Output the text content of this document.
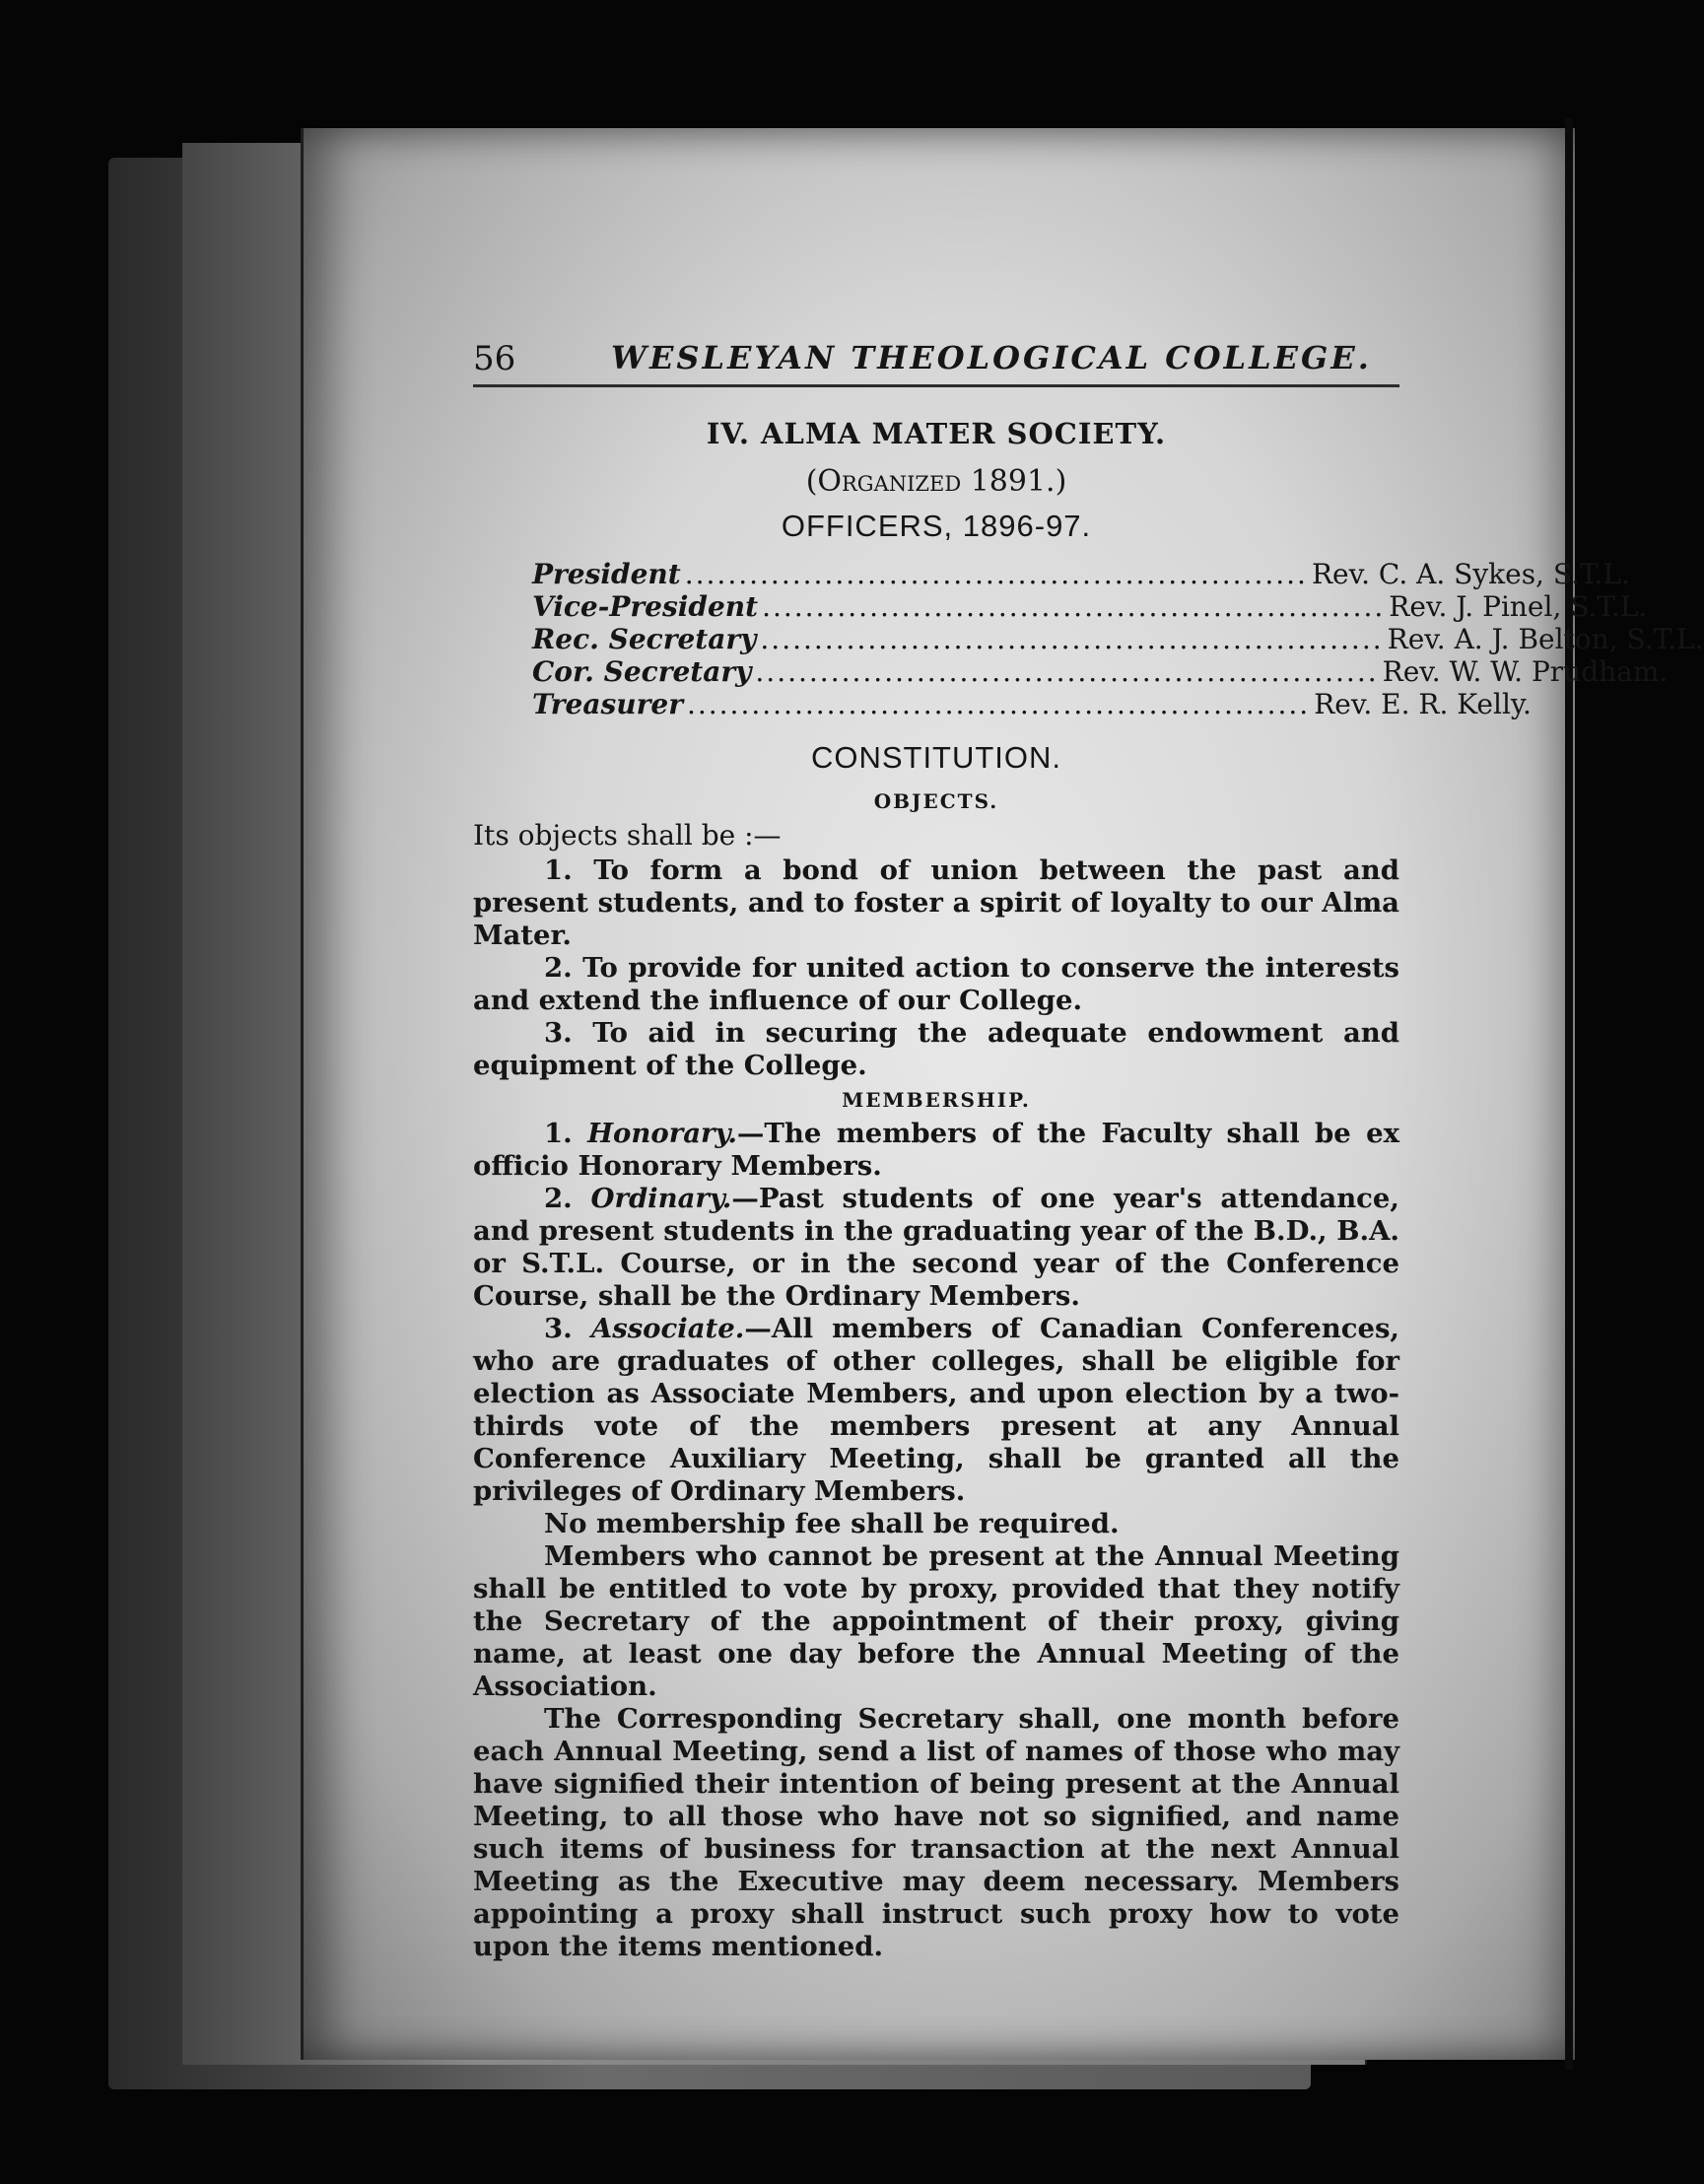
56	WESLEYAN THEOLOGICAL COLLEGE.
IV. ALMA MATER SOCIETY.
(Organized 1891.)
OFFICERS, 1896-97.
President .......................................................... Rev. C. A. Sykes, S.T.L.
Vice-President .......................................................... Rev. J. Pinel, S.T.L.
Rec. Secretary .......................................................... Rev. A. J. Belton, S.T.L.
Cor. Secretary .......................................................... Rev. W. W. Prudham.
Treasurer .......................................................... Rev. E. R. Kelly.
CONSTITUTION.
OBJECTS.
Its objects shall be :—

1. To form a bond of union between the past and present students, and to foster a spirit of loyalty to our Alma Mater.

2. To provide for united action to conserve the interests and extend the influence of our College.

3. To aid in securing the adequate endowment and equipment of the College.

MEMBERSHIP.

1. Honorary.—The members of the Faculty shall be ex officio Honorary Members.

2. Ordinary.—Past students of one year's attendance, and present students in the graduating year of the B.D., B.A. or S.T.L. Course, or in the second year of the Conference Course, shall be the Ordinary Members.

3. Associate.—All members of Canadian Conferences, who are graduates of other colleges, shall be eligible for election as Associate Members, and upon election by a two-thirds vote of the members present at any Annual Conference Auxiliary Meeting, shall be granted all the privileges of Ordinary Members.

No membership fee shall be required.

Members who cannot be present at the Annual Meeting shall be entitled to vote by proxy, provided that they notify the Secretary of the appointment of their proxy, giving name, at least one day before the Annual Meeting of the Association.

The Corresponding Secretary shall, one month before each Annual Meeting, send a list of names of those who may have signified their intention of being present at the Annual Meeting, to all those who have not so signified, and name such items of business for transaction at the next Annual Meeting as the Executive may deem necessary. Members appointing a proxy shall instruct such proxy how to vote upon the items mentioned.
